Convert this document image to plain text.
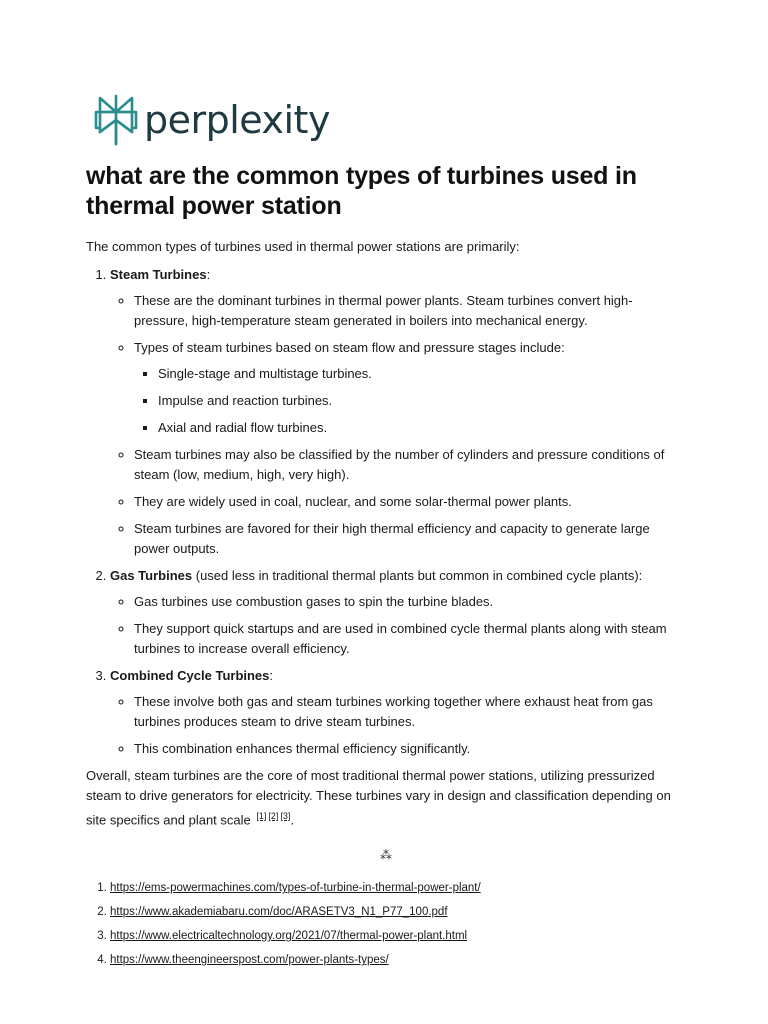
perplexity
what are the common types of turbines used in thermal power station

The common types of turbines used in thermal power stations are primarily:

1. Steam Turbines:
◦ These are the dominant turbines in thermal power plants. Steam turbines convert high-pressure, high-temperature steam generated in boilers into mechanical energy.
◦ Types of steam turbines based on steam flow and pressure stages include:
▪ Single-stage and multistage turbines.
▪ Impulse and reaction turbines.
▪ Axial and radial flow turbines.
◦ Steam turbines may also be classified by the number of cylinders and pressure conditions of steam (low, medium, high, very high).
◦ They are widely used in coal, nuclear, and some solar-thermal power plants.
◦ Steam turbines are favored for their high thermal efficiency and capacity to generate large power outputs.
2. Gas Turbines (used less in traditional thermal plants but common in combined cycle plants):
◦ Gas turbines use combustion gases to spin the turbine blades.
◦ They support quick startups and are used in combined cycle thermal plants along with steam turbines to increase overall efficiency.
3. Combined Cycle Turbines:
◦ These involve both gas and steam turbines working together where exhaust heat from gas turbines produces steam to drive steam turbines.
◦ This combination enhances thermal efficiency significantly.

Overall, steam turbines are the core of most traditional thermal power stations, utilizing pressurized steam to drive generators for electricity. These turbines vary in design and classification depending on site specifics and plant scale [1] [2] [3].

⁂
1. https://ems-powermachines.com/types-of-turbine-in-thermal-power-plant/
2. https://www.akademiabaru.com/doc/ARASETV3_N1_P77_100.pdf
3. https://www.electricaltechnology.org/2021/07/thermal-power-plant.html
4. https://www.theengineerspost.com/power-plants-types/
